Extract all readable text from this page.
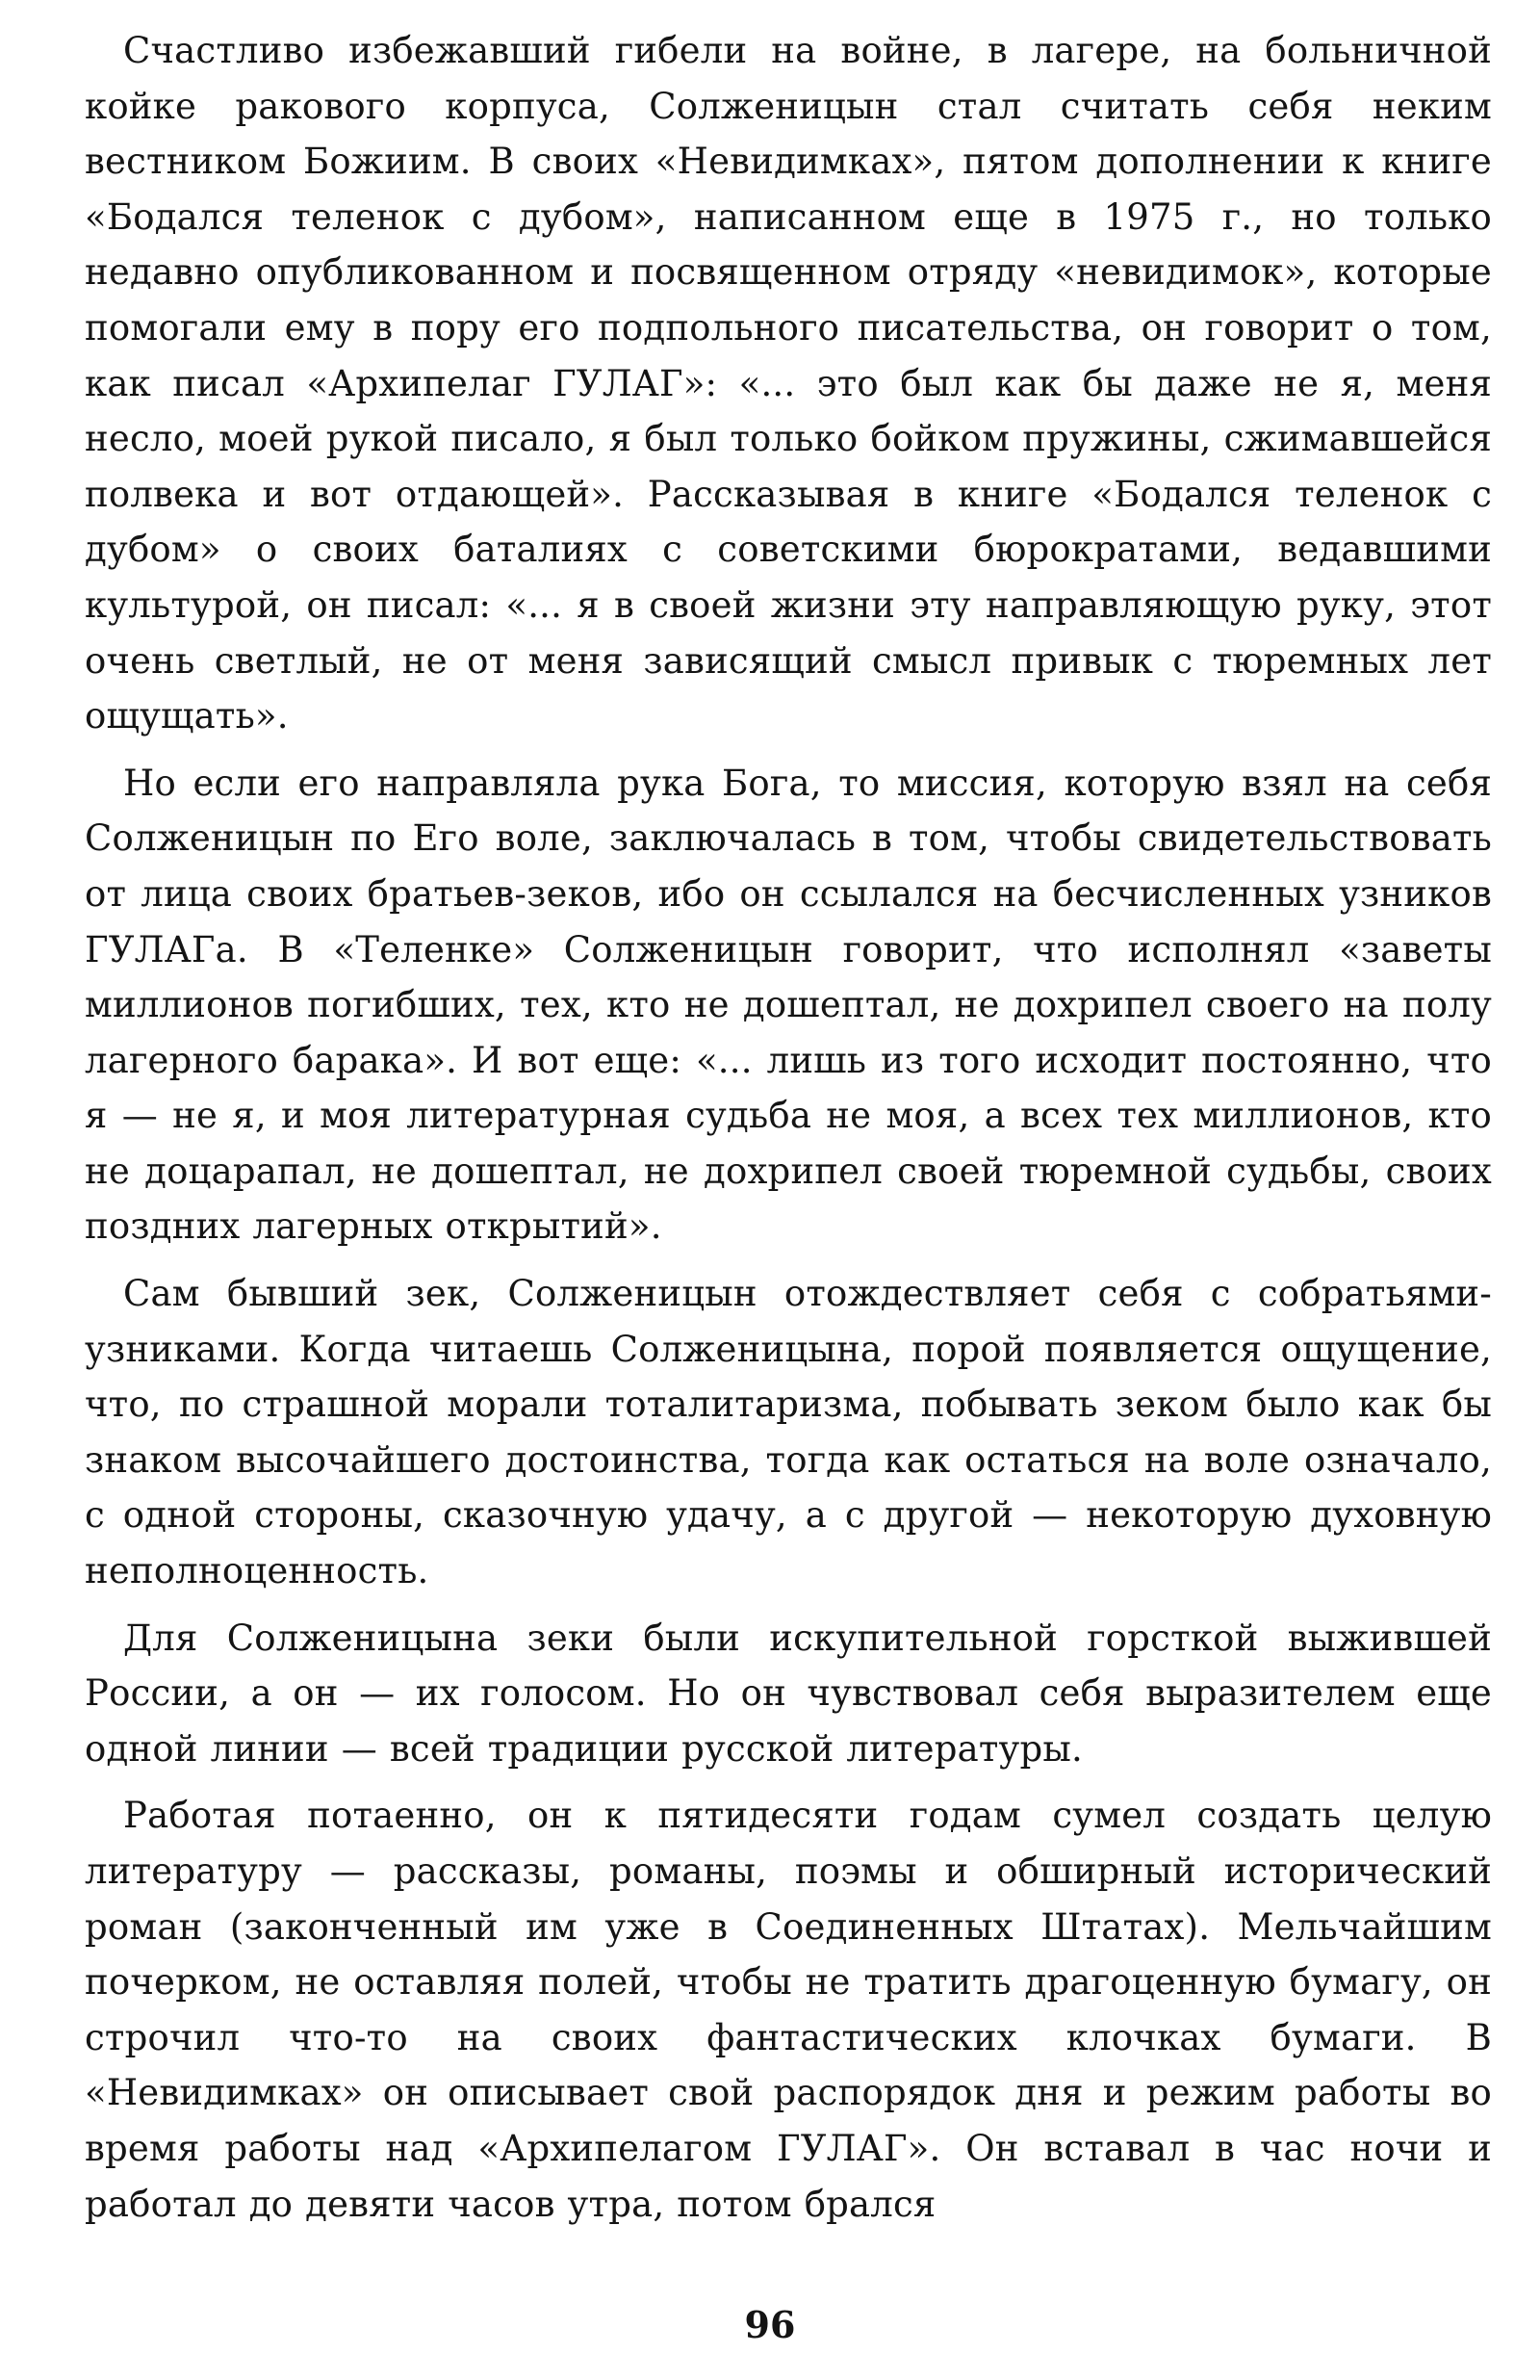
Счастливо избежавший гибели на войне, в лагере, на больничной койке ракового корпуса, Солженицын стал считать себя неким вестником Божиим. В своих «Невидимках», пятом дополнении к книге «Бодался теленок с дубом», написанном еще в 1975 г., но только недавно опубликованном и посвященном отряду «невидимок», которые помогали ему в пору его подпольного писательства, он говорит о том, как писал «Архипелаг ГУЛАГ»: «... это был как бы даже не я, меня несло, моей рукой писало, я был только бойком пружины, сжимавшейся полвека и вот отдающей». Рассказывая в книге «Бодался теленок с дубом» о своих баталиях с советскими бюрократами, ведавшими культурой, он писал: «... я в своей жизни эту направляющую руку, этот очень светлый, не от меня зависящий смысл привык с тюремных лет ощущать».

Но если его направляла рука Бога, то миссия, которую взял на себя Солженицын по Его воле, заключалась в том, чтобы свидетельствовать от лица своих братьев-зеков, ибо он ссылался на бесчисленных узников ГУЛАГа. В «Теленке» Солженицын говорит, что исполнял «заветы миллионов погибших, тех, кто не дошептал, не дохрипел своего на полу лагерного барака». И вот еще: «... лишь из того исходит постоянно, что я — не я, и моя литературная судьба не моя, а всех тех миллионов, кто не доцарапал, не дошептал, не дохрипел своей тюремной судьбы, своих поздних лагерных открытий».

Сам бывший зек, Солженицын отождествляет себя с собратьями-узниками. Когда читаешь Солженицына, порой появляется ощущение, что, по страшной морали тоталитаризма, побывать зеком было как бы знаком высочайшего достоинства, тогда как остаться на воле означало, с одной стороны, сказочную удачу, а с другой — некоторую духовную неполноценность.

Для Солженицына зеки были искупительной горсткой выжившей России, а он — их голосом. Но он чувствовал себя выразителем еще одной линии — всей традиции русской литературы.

Работая потаенно, он к пятидесяти годам сумел создать целую литературу — рассказы, романы, поэмы и обширный исторический роман (законченный им уже в Соединенных Штатах). Мельчайшим почерком, не оставляя полей, чтобы не тратить драгоценную бумагу, он строчил что-то на своих фантастических клочках бумаги. В «Невидимках» он описывает свой распорядок дня и режим работы во время работы над «Архипелагом ГУЛАГ». Он вставал в час ночи и работал до девяти часов утра, потом брался

96
